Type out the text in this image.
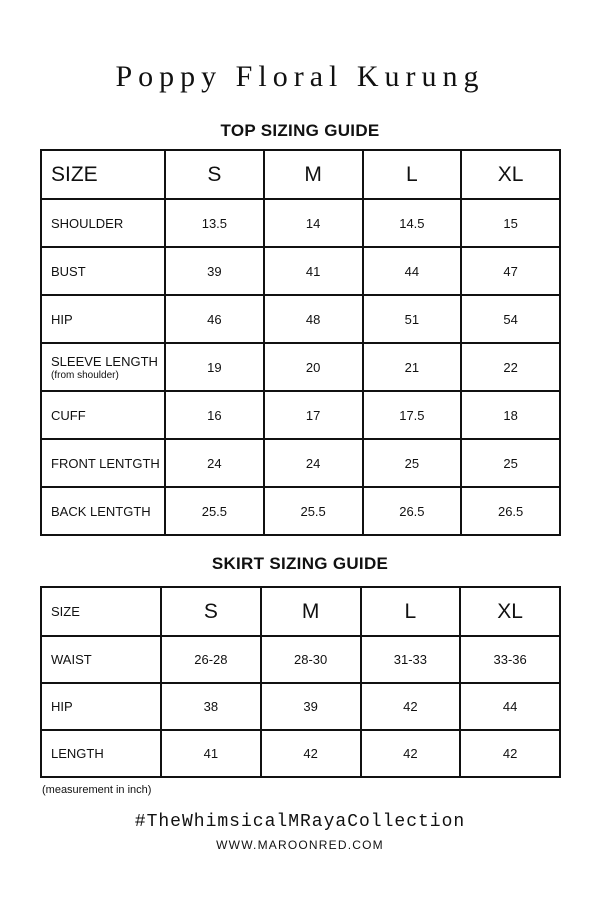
Poppy Floral Kurung
TOP SIZING GUIDE
SIZE	S	M	L	XL
SHOULDER	13.5	14	14.5	15
BUST	39	41	44	47
HIP	46	48	51	54
SLEEVE LENGTH
(from shoulder)	19	20	21	22
CUFF	16	17	17.5	18
FRONT LENTGTH	24	24	25	25
BACK LENTGTH	25.5	25.5	26.5	26.5
SKIRT SIZING GUIDE
SIZE	S	M	L	XL
WAIST	26-28	28-30	31-33	33-36
HIP	38	39	42	44
LENGTH	41	42	42	42
(measurement in inch)
#TheWhimsicalMRayaCollection
WWW.MAROONRED.COM
